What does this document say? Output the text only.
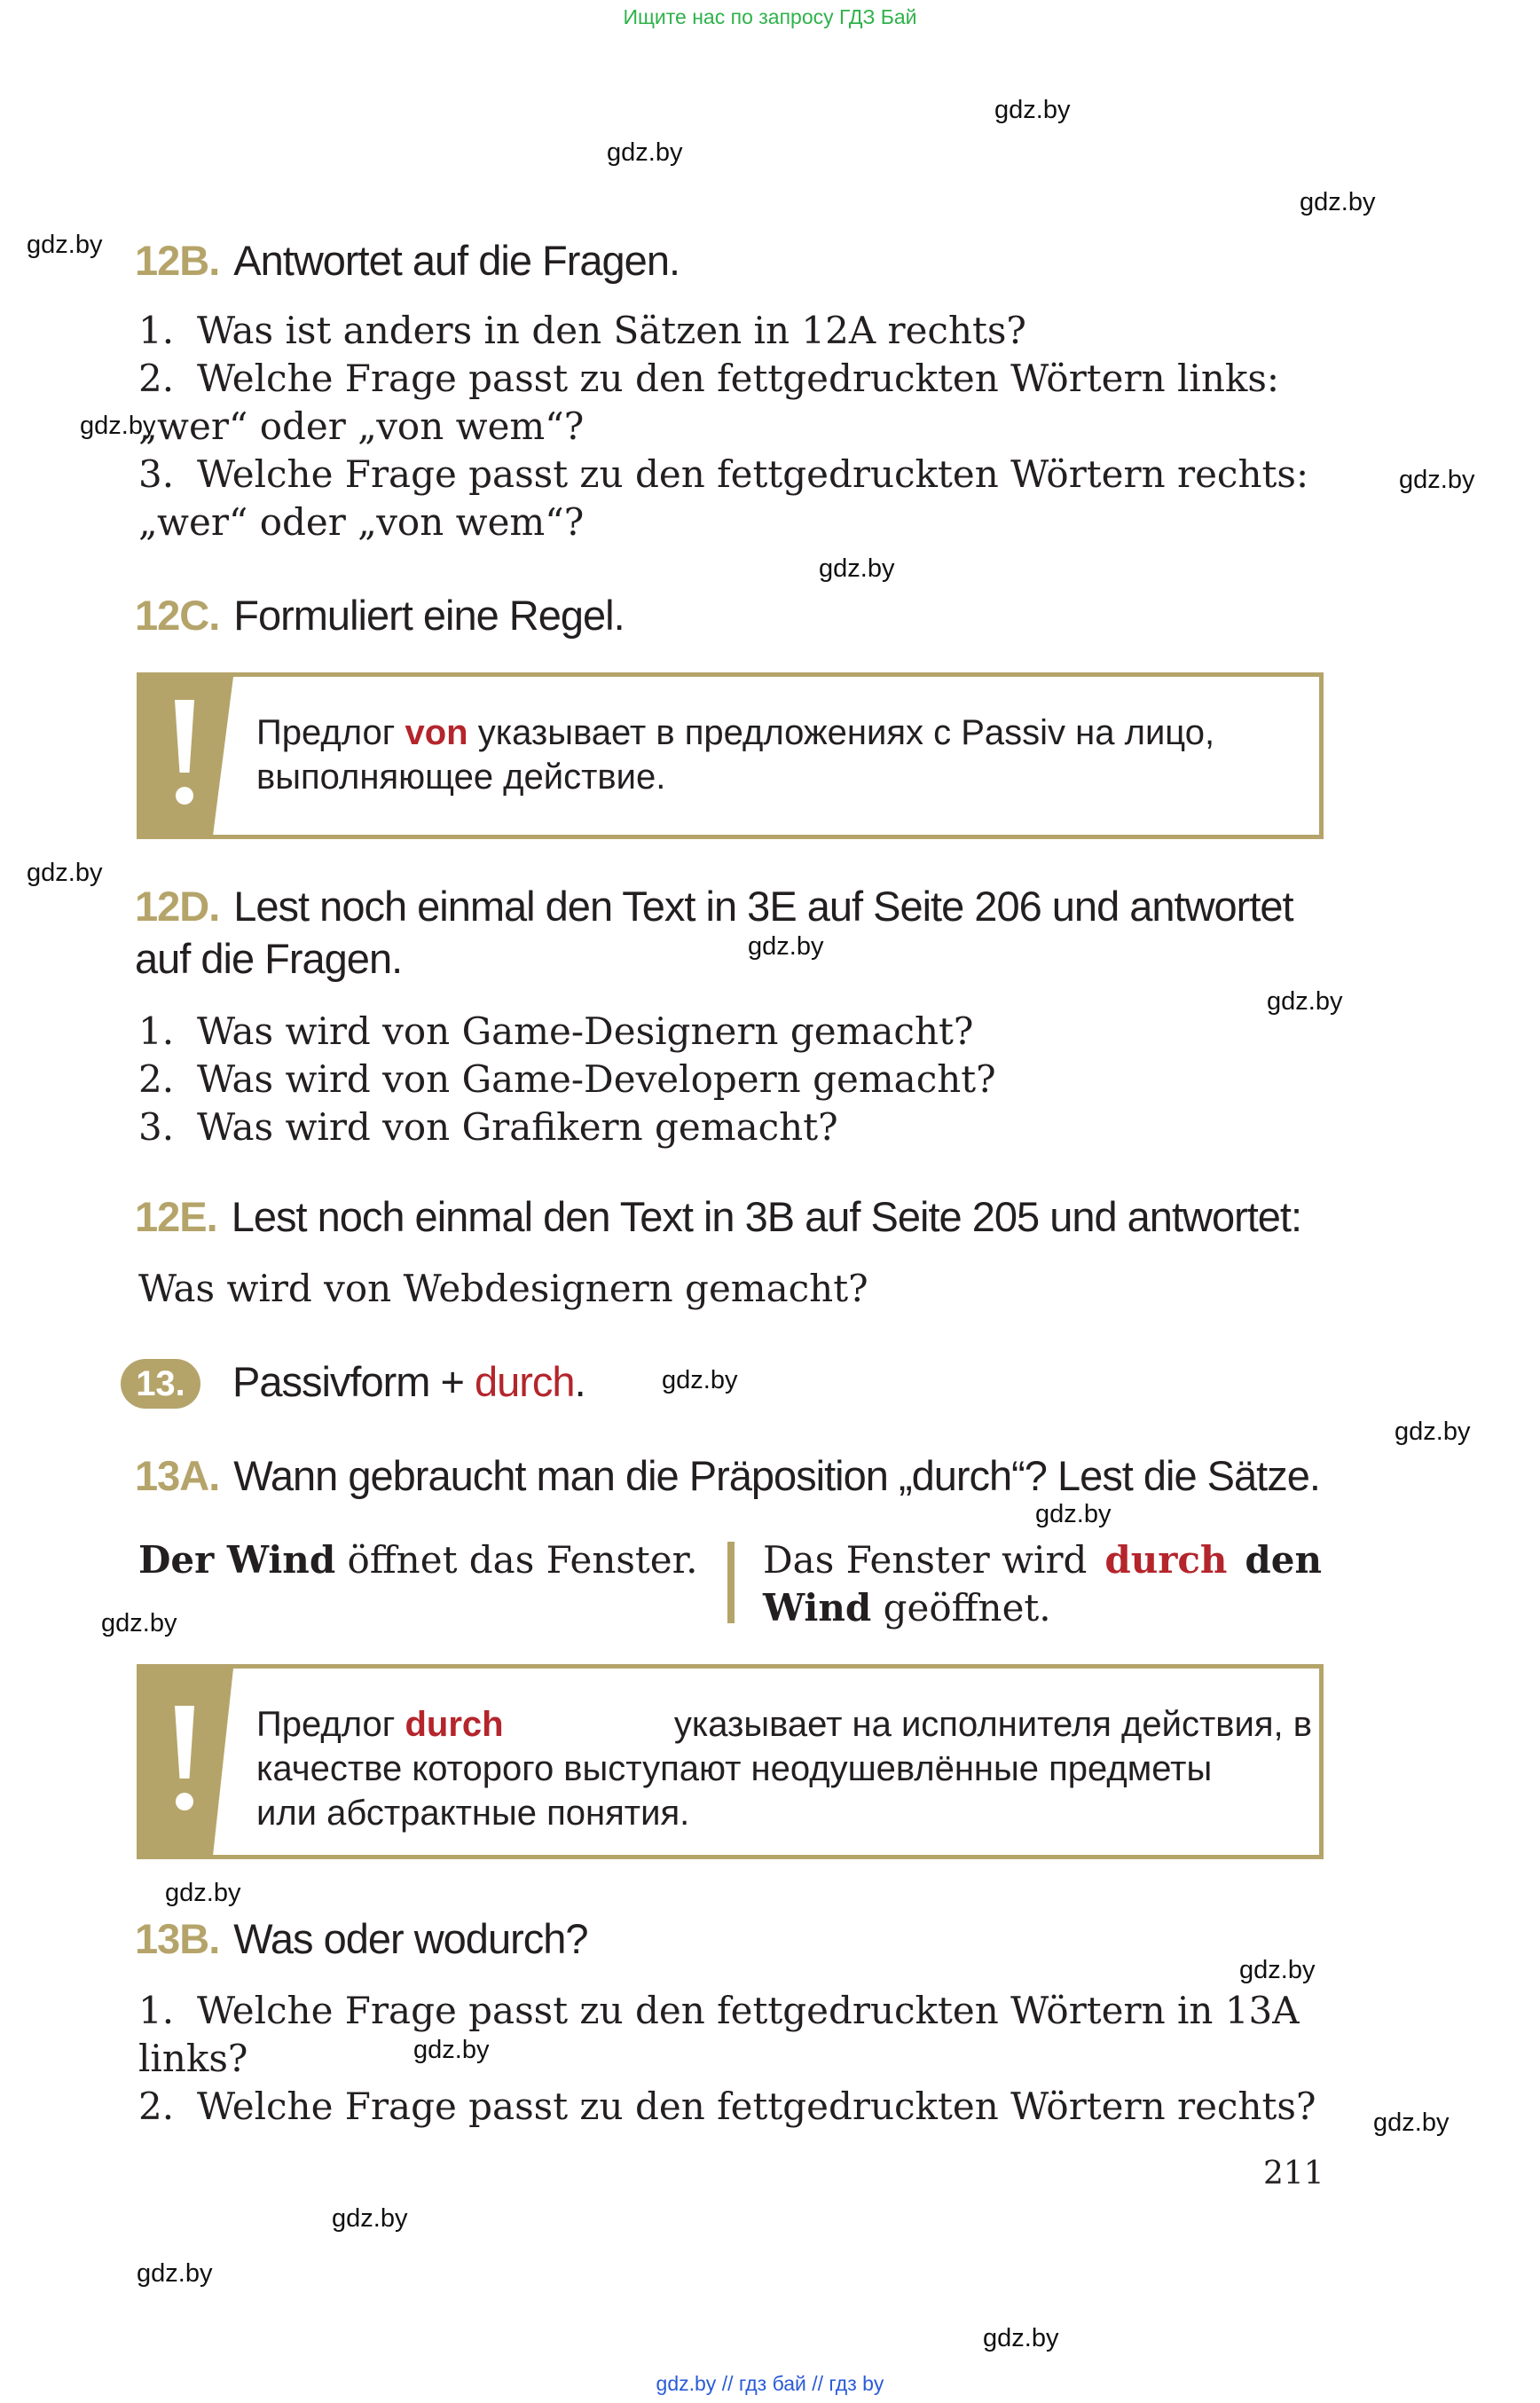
Ищите нас по запросу ГДЗ Бай
gdz.by
gdz.by
gdz.by
gdz.by
gdz.by
gdz.by
gdz.by
gdz.by
gdz.by
gdz.by
gdz.by
gdz.by
gdz.by
gdz.by
gdz.by
gdz.by
gdz.by
gdz.by
gdz.by
gdz.by
gdz.by
12B. Antwortet auf die Fragen.
1. Was ist anders in den Sätzen in 12A rechts?
2. Welche Frage passt zu den fettgedruckten Wörtern links:
„wer“ oder „von wem“?
3. Welche Frage passt zu den fettgedruckten Wörtern rechts:
„wer“ oder „von wem“?
12C. Formuliert eine Regel.
Предлог von указывает в предложениях с Passiv на лицо,
выполняющее действие.
12D. Lest noch einmal den Text in 3E auf Seite 206 und antwortet
auf die Fragen.
1. Was wird von Game-Designern gemacht?
2. Was wird von Game-Developern gemacht?
3. Was wird von Grafikern gemacht?
12E. Lest noch einmal den Text in 3B auf Seite 205 und antwortet:
Was wird von Webdesignern gemacht?
13.	Passivform + durch.
13A. Wann gebraucht man die Präposition „durch“? Lest die Sätze.
Der Wind öffnet das Fenster. Das Fenster wird durch den
Wind geöffnet.
Предлог durch	указывает на исполнителя действия, в
качестве которого выступают неодушевлённые предметы
или абстрактные понятия.
13B. Was oder wodurch?
1. Welche Frage passt zu den fettgedruckten Wörtern in 13A
links?
2. Welche Frage passt zu den fettgedruckten Wörtern rechts?
211
gdz.by // гдз бай // гдз by
